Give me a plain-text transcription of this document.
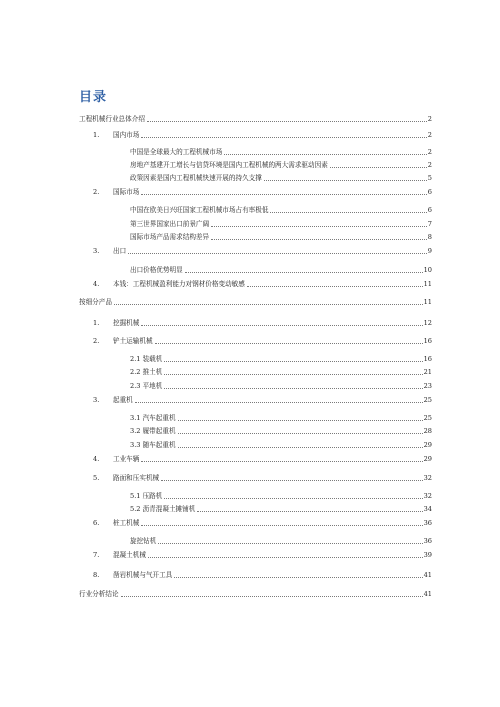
目录
工程机械行业总体介绍	2
1.	国内市场	2
中国是全球最大的工程机械市场	2
房地产基建开工增长与信贷环境是国内工程机械的两大需求驱动因素	2
政策因素是国内工程机械快速开展的持久支撑	5
2.	国际市场	6
中国在欧美日兴旺国家工程机械市场占有率极低	6
第三世界国家出口前景广阔	7
国际市场产品需求结构差异	8
3.	出口	9
出口价格优势明显	10
4.	本钱：工程机械盈利能力对钢材价格变动敏感	11
按细分产品	11
1.	挖掘机械	12
2.	铲土运输机械	16
2.1 装载机	16
2.2 推土机	21
2.3 平地机	23
3.	起重机	25
3.1 汽车起重机	25
3.2 履带起重机	28
3.3 随车起重机	29
4.	工业车辆	29
5.	路面和压实机械	32
5.1 压路机	32
5.2 沥青混凝土摊铺机	34
6.	桩工机械	36
旋挖钻机	36
7.	混凝土机械	39
8.	凿岩机械与气开工具	41
行业分析结论	41
